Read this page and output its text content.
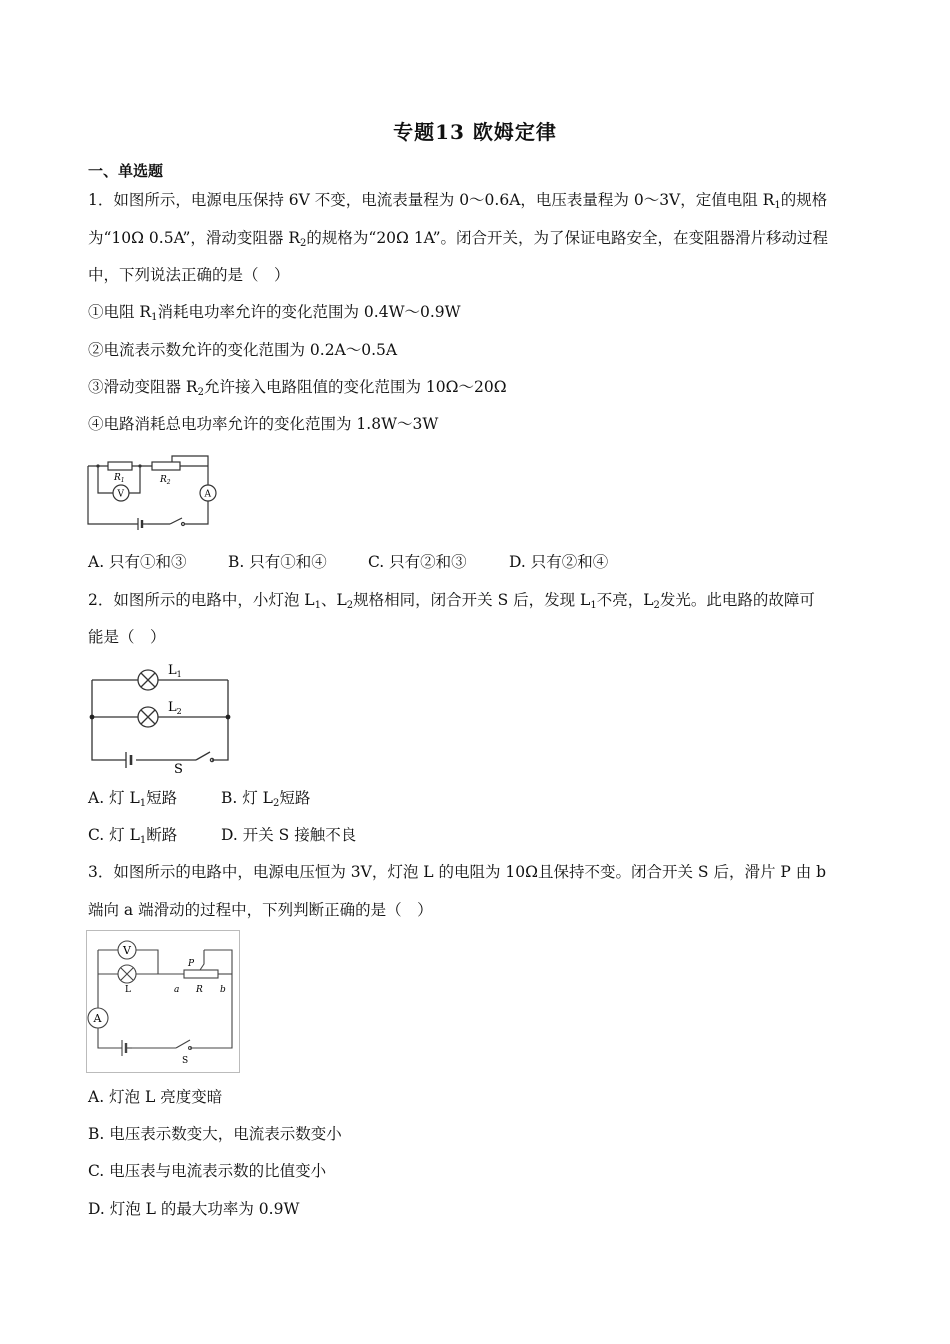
专题13 欧姆定律
一、单选题
1．如图所示，电源电压保持 6V 不变，电流表量程为 0～0.6A，电压表量程为 0～3V，定值电阻 $R_1$的规格
为“10Ω 0.5A”，滑动变阻器 $R_2$的规格为“20Ω 1A”。闭合开关，为了保证电路安全，在变阻器滑片移动过程
中，下列说法正确的是（　）
①电阻 $R_1$消耗电功率允许的变化范围为 0.4W～0.9W
②电流表示数允许的变化范围为 0.2A～0.5A
③滑动变阻器 $R_2$允许接入电路阻值的变化范围为 10Ω～20Ω
④电路消耗总电功率允许的变化范围为 1.8W～3W
$R_1$	$R_2$
V	A
A. 只有①和③	B. 只有①和④	C. 只有②和③	D. 只有②和④
2．如图所示的电路中，小灯泡 $L_1$、$L_2$规格相同，闭合开关 S 后，发现 $L_1$不亮，$L_2$发光。此电路的故障可
能是（　）
$L_1$
$L_2$
S
A. 灯 $L_1$短路	B. 灯 $L_2$短路
C. 灯 $L_1$断路	D. 开关 S 接触不良
3．如图所示的电路中，电源电压恒为 3V，灯泡 L 的电阻为 10Ω且保持不变。闭合开关 S 后，滑片 P 由 b
端向 a 端滑动的过程中，下列判断正确的是（　）
V
A
P
L	a R b
S
A. 灯泡 L 亮度变暗
B. 电压表示数变大，电流表示数变小
C. 电压表与电流表示数的比值变小
D. 灯泡 L 的最大功率为 0.9W
